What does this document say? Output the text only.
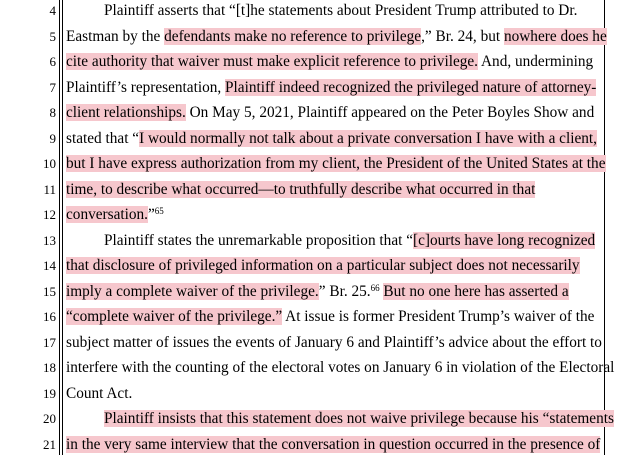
4	Plaintiff asserts that “[t]he statements about President Trump attributed to Dr.
5 Eastman by the defendants make no reference to privilege,” Br. 24, but nowhere does he
6 cite authority that waiver must make explicit reference to privilege. And, undermining
7 Plaintiff’s representation, Plaintiff indeed recognized the privileged nature of attorney-
8 client relationships. On May 5, 2021, Plaintiff appeared on the Peter Boyles Show and
9 stated that “I would normally not talk about a private conversation I have with a client,
10 but I have express authorization from my client, the President of the United States at the
11 time, to describe what occurred—to truthfully describe what occurred in that
12 conversation.”$^{65}$
13	Plaintiff states the unremarkable proposition that “[c]ourts have long recognized
14 that disclosure of privileged information on a particular subject does not necessarily
15 imply a complete waiver of the privilege.” Br. 25.66 But no one here has asserted a
16 “complete waiver of the privilege.” At issue is former President Trump’s waiver of the
17 subject matter of issues the events of January 6 and Plaintiff’s advice about the effort to
18 interfere with the counting of the electoral votes on January 6 in violation of the Electoral
19 Count Act.
20	Plaintiff insists that this statement does not waive privilege because his “statements
21 in the very same interview that the conversation in question occurred in the presence of
